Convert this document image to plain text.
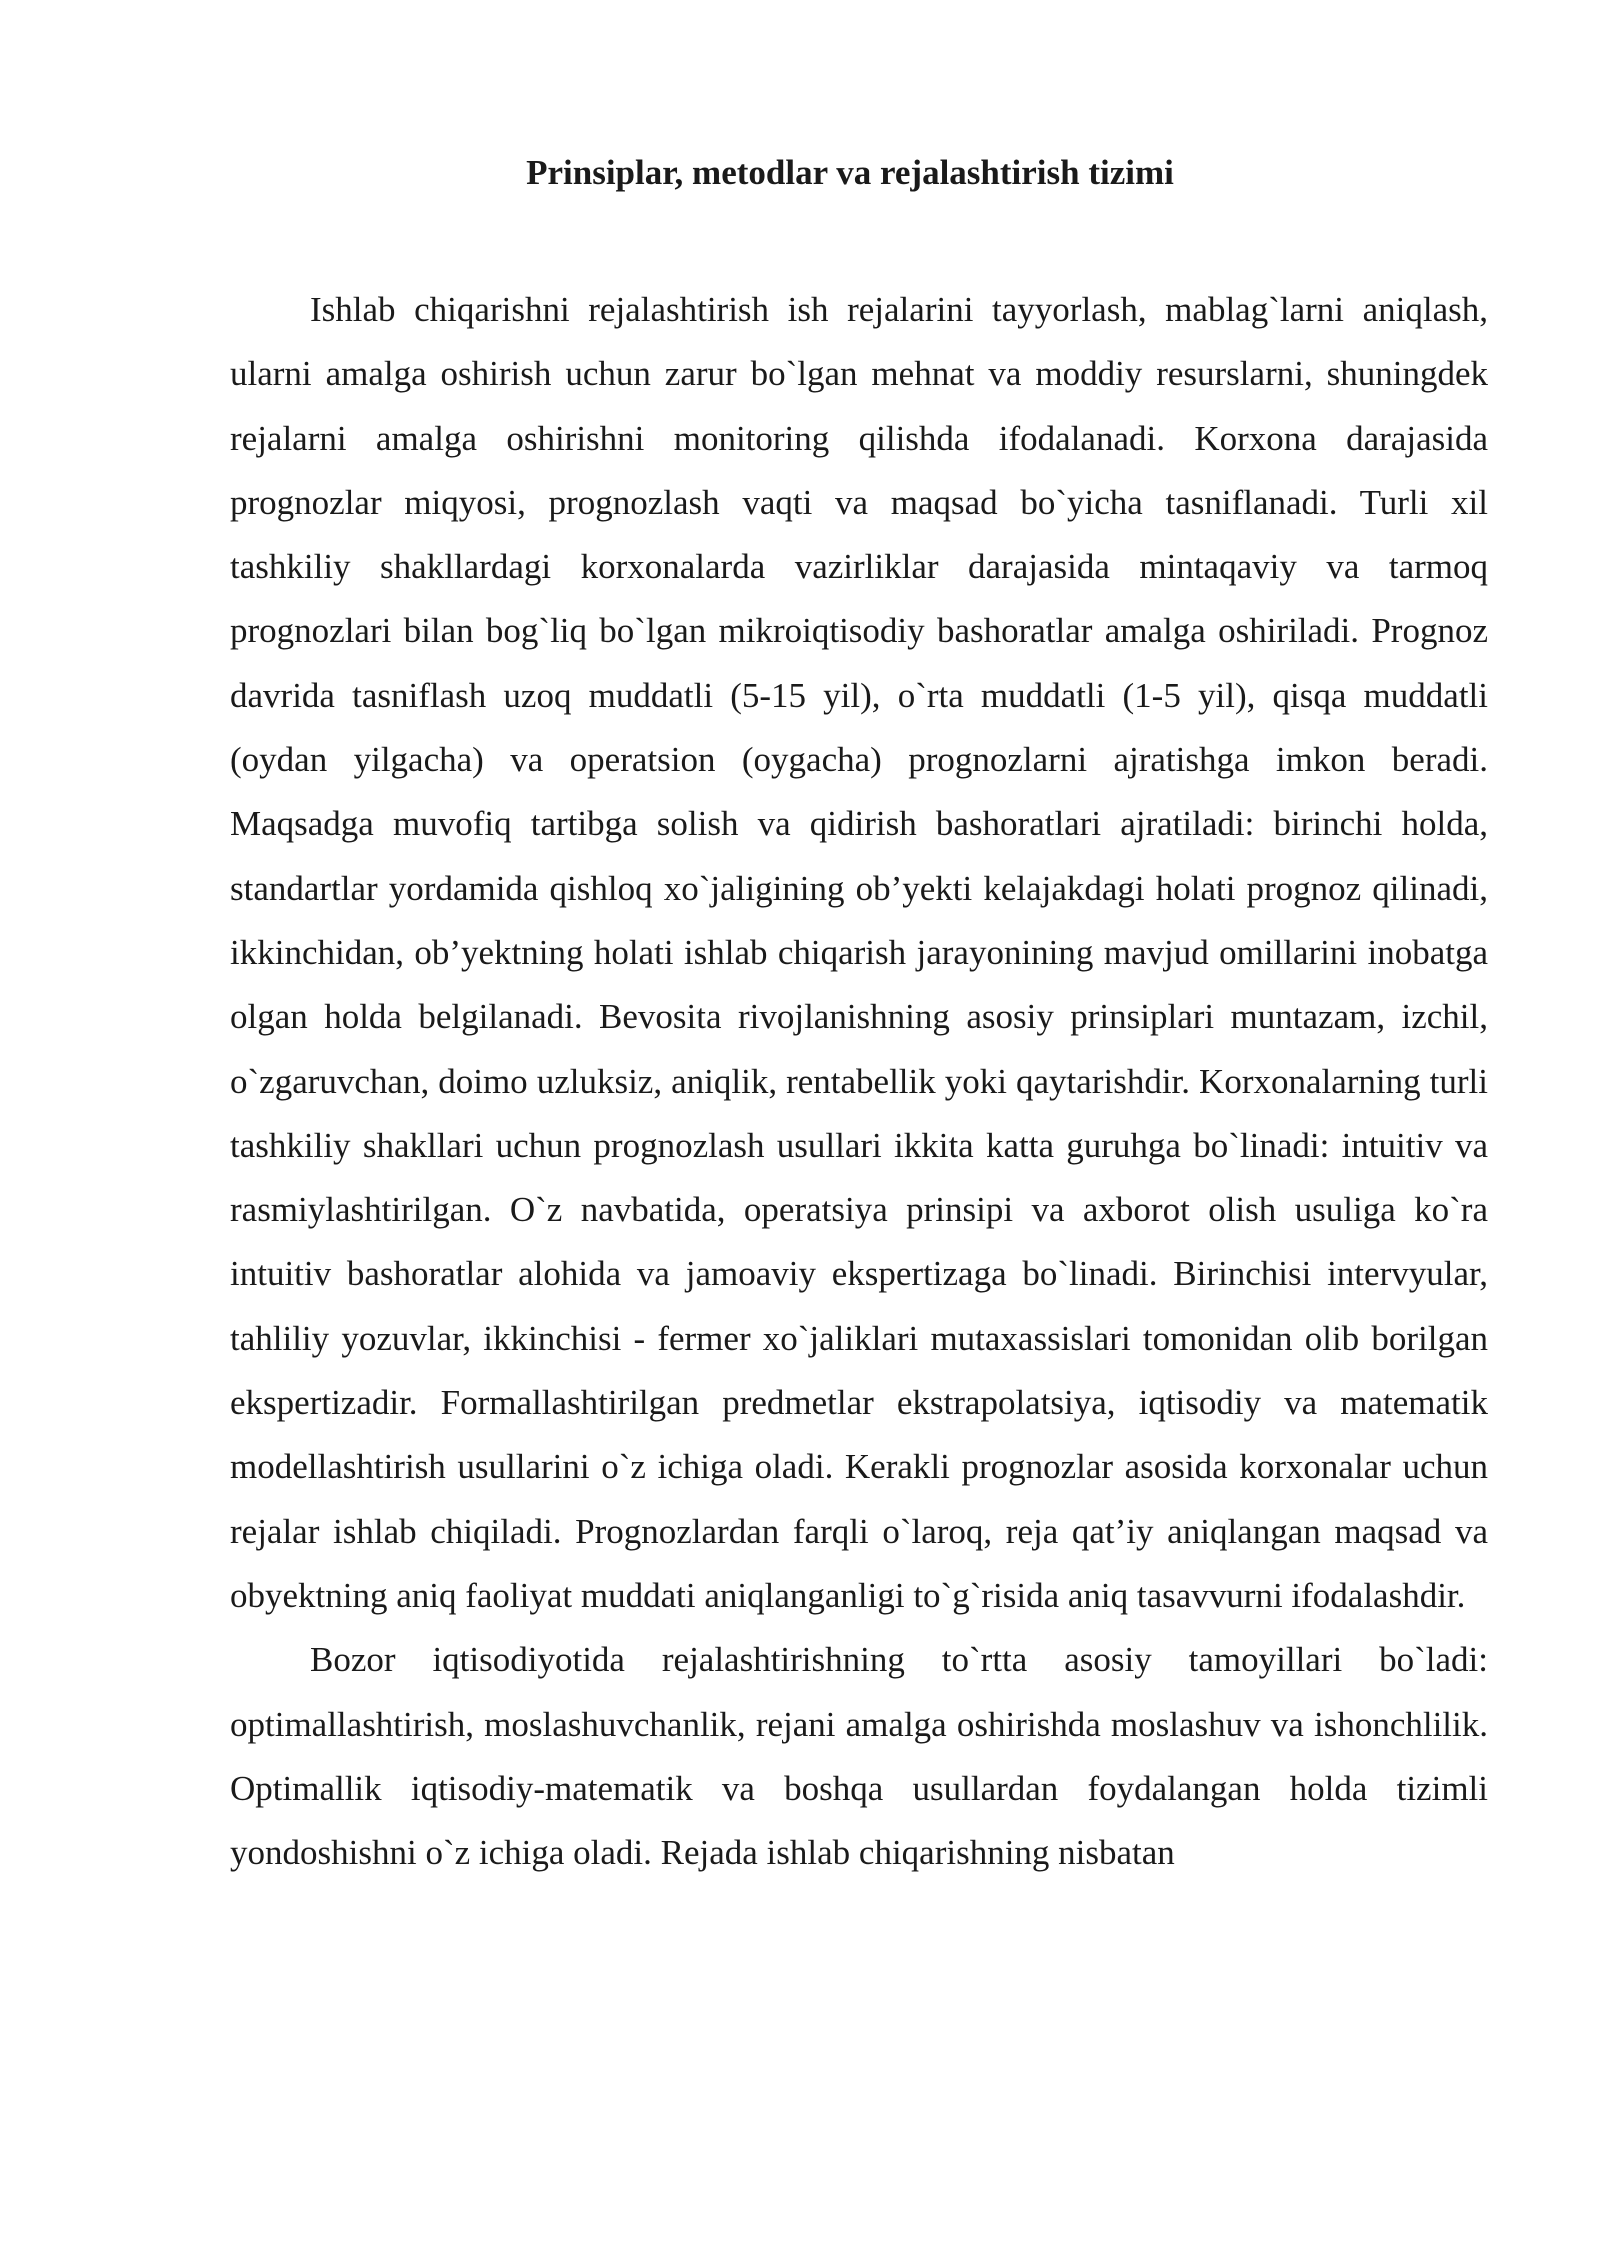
Prinsiplar, metodlar va rejalashtirish tizimi

Ishlab chiqarishni rejalashtirish ish rejalarini tayyorlash, mablag`larni aniqlash, ularni amalga oshirish uchun zarur bo`lgan mehnat va moddiy resurslarni, shuningdek rejalarni amalga oshirishni monitoring qilishda ifodalanadi. Korxona darajasida prognozlar miqyosi, prognozlash vaqti va maqsad bo`yicha tasniflanadi. Turli xil tashkiliy shakllardagi korxonalarda vazirliklar darajasida mintaqaviy va tarmoq prognozlari bilan bog`liq bo`lgan mikroiqtisodiy bashoratlar amalga oshiriladi. Prognoz davrida tasniflash uzoq muddatli (5-15 yil), o`rta muddatli (1-5 yil), qisqa muddatli (oydan yilgacha) va operatsion (oygacha) prognozlarni ajratishga imkon beradi. Maqsadga muvofiq tartibga solish va qidirish bashoratlari ajratiladi: birinchi holda, standartlar yordamida qishloq xo`jaligining ob’yekti kelajakdagi holati prognoz qilinadi, ikkinchidan, ob’yektning holati ishlab chiqarish jarayonining mavjud omillarini inobatga olgan holda belgilanadi. Bevosita rivojlanishning asosiy prinsiplari muntazam, izchil, o`zgaruvchan, doimo uzluksiz, aniqlik, rentabellik yoki qaytarishdir. Korxonalarning turli tashkiliy shakllari uchun prognozlash usullari ikkita katta guruhga bo`linadi: intuitiv va rasmiylashtirilgan. O`z navbatida, operatsiya prinsipi va axborot olish usuliga ko`ra intuitiv bashoratlar alohida va jamoaviy ekspertizaga bo`linadi. Birinchisi intervyular, tahliliy yozuvlar, ikkinchisi - fermer xo`jaliklari mutaxassislari tomonidan olib borilgan ekspertizadir. Formallashtirilgan predmetlar ekstrapolatsiya, iqtisodiy va matematik modellashtirish usullarini o`z ichiga oladi. Kerakli prognozlar asosida korxonalar uchun rejalar ishlab chiqiladi. Prognozlardan farqli o`laroq, reja qat’iy aniqlangan maqsad va obyektning aniq faoliyat muddati aniqlanganligi to`g`risida aniq tasavvurni ifodalashdir.

Bozor iqtisodiyotida rejalashtirishning to`rtta asosiy tamoyillari bo`ladi: optimallashtirish, moslashuvchanlik, rejani amalga oshirishda moslashuv va ishonchlilik. Optimallik iqtisodiy-matematik va boshqa usullardan foydalangan holda tizimli yondoshishni o`z ichiga oladi. Rejada ishlab chiqarishning nisbatan
